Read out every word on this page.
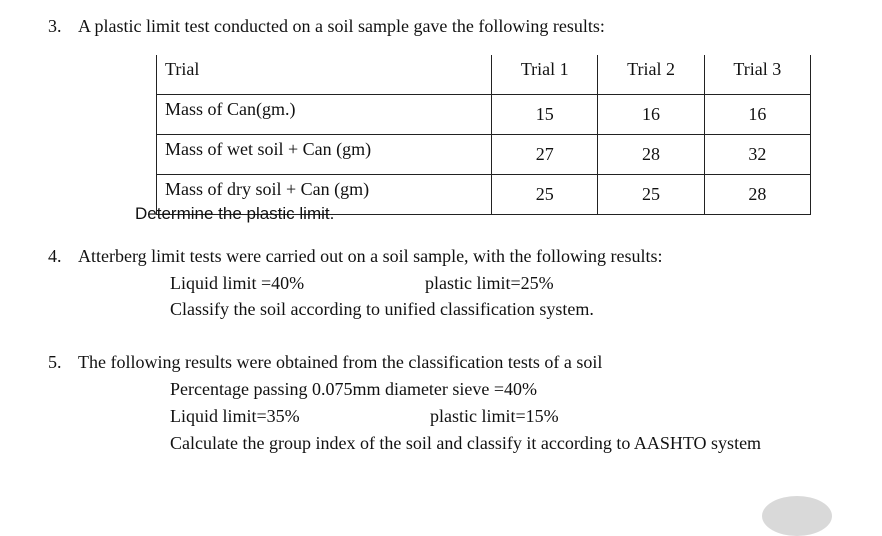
3. A plastic limit test conducted on a soil sample gave the following results:
Trial	Trial 1	Trial 2	Trial 3
Mass of Can(gm.)	15	16	16
Mass of wet soil + Can (gm)	27	28	32
Mass of dry soil + Can (gm)	25	25	28
Determine the plastic limit.
4. Atterberg limit tests were carried out on a soil sample, with the following results:
Liquid limit =40%	plastic limit=25%
Classify the soil according to unified classification system.
5. The following results were obtained from the classification tests of a soil
Percentage passing 0.075mm diameter sieve =40%
Liquid limit=35%	plastic limit=15%
Calculate the group index of the soil and classify it according to AASHTO system
